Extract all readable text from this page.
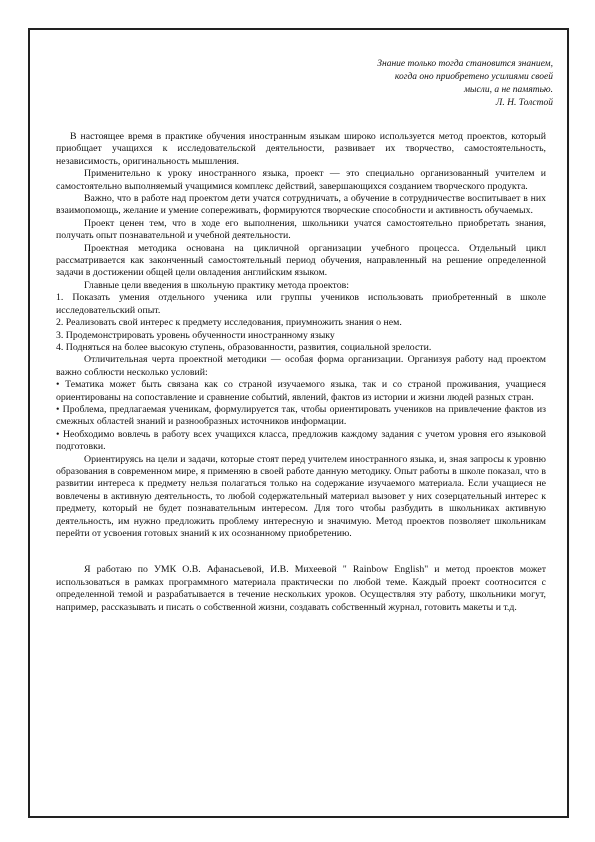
Знание только тогда становится знанием,
когда оно приобретено усилиями своей
мысли, а не памятью.
Л. Н. Толстой

В настоящее время в практике обучения иностранным языкам широко используется метод проектов, который приобщает учащихся к исследовательской деятельности, развивает их творчество, самостоятельность, независимость, оригинальность мышления.

Применительно к уроку иностранного языка, проект — это специально организованный учителем и самостоятельно выполняемый учащимися комплекс действий, завершающихся созданием творческого продукта.

Важно, что в работе над проектом дети учатся сотрудничать, а обучение в сотрудничестве воспитывает в них взаимопомощь, желание и умение сопереживать, формируются творческие способности и активность обучаемых.

Проект ценен тем, что в ходе его выполнения, школьники учатся самостоятельно приобретать знания, получать опыт познавательной и учебной деятельности.

Проектная методика основана на цикличной организации учебного процесса. Отдельный цикл рассматривается как законченный самостоятельный период обучения, направленный на решение определенной задачи в достижении общей цели овладения английским языком.

Главные цели введения в школьную практику метода проектов:

1. Показать умения отдельного ученика или группы учеников использовать приобретенный в школе исследовательский опыт.

2. Реализовать свой интерес к предмету исследования, приумножить знания о нем.

3. Продемонстрировать уровень обученности иностранному языку

4. Подняться на более высокую ступень, образованности, развития, социальной зрелости.

Отличительная черта проектной методики — особая форма организации. Организуя работу над проектом важно соблюсти несколько условий:

• Тематика может быть связана как со страной изучаемого языка, так и со страной проживания, учащиеся ориентированы на сопоставление и сравнение событий, явлений, фактов из истории и жизни людей разных стран.

• Проблема, предлагаемая ученикам, формулируется так, чтобы ориентировать учеников на привлечение фактов из смежных областей знаний и разнообразных источников информации.

• Необходимо вовлечь в работу всех учащихся класса, предложив каждому задания с учетом уровня его языковой подготовки.

Ориентируясь на цели и задачи, которые стоят перед учителем иностранного языка, и, зная запросы к уровню образования в современном мире, я применяю в своей работе данную методику. Опыт работы в школе показал, что в развитии интереса к предмету нельзя полагаться только на содержание изучаемого материала. Если учащиеся не вовлечены в активную деятельность, то любой содержательный материал вызовет у них созерцательный интерес к предмету, который не будет познавательным интересом. Для того чтобы разбудить в школьниках активную деятельность, им нужно предложить проблему интересную и значимую. Метод проектов позволяет школьникам перейти от усвоения готовых знаний к их осознанному приобретению.

Я работаю по УМК О.В. Афанасьевой, И.В. Михеевой " Rainbow English" и метод проектов может использоваться в рамках программного материала практически по любой теме. Каждый проект соотносится с определенной темой и разрабатывается в течение нескольких уроков. Осуществляя эту работу, школьники могут, например, рассказывать и писать о собственной жизни, создавать собственный журнал, готовить макеты и т.д.
